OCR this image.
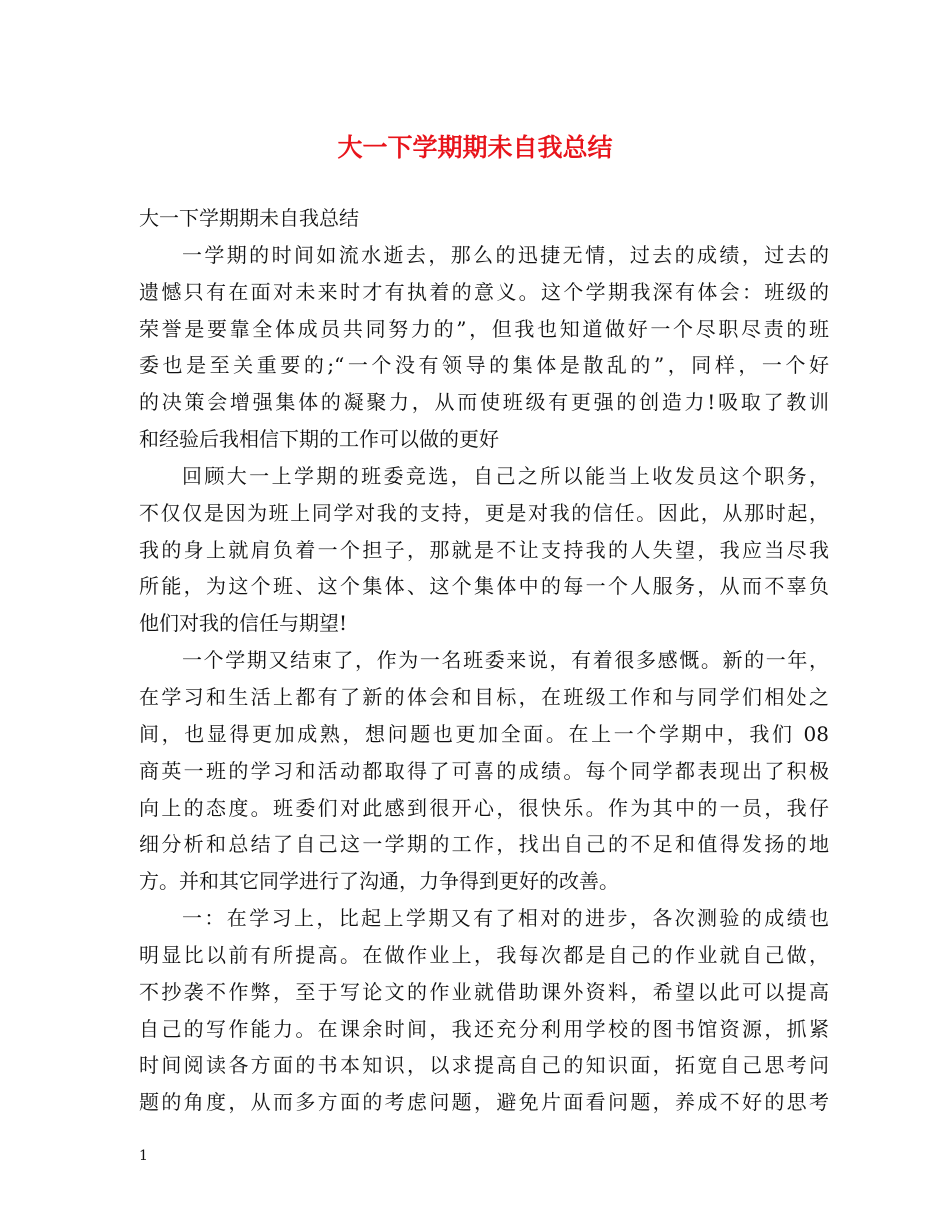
大一下学期期未自我总结
大一下学期期未自我总结
一学期的时间如流水逝去，那么的迅捷无情，过去的成绩，过去的
遗憾只有在面对未来时才有执着的意义。这个学期我深有体会：班级的
荣誉是要靠全体成员共同努力的”，但我也知道做好一个尽职尽责的班
委也是至关重要的;“一个没有领导的集体是散乱的”，同样，一个好
的决策会增强集体的凝聚力，从而使班级有更强的创造力!吸取了教训
和经验后我相信下期的工作可以做的更好
回顾大一上学期的班委竞选，自己之所以能当上收发员这个职务，
不仅仅是因为班上同学对我的支持，更是对我的信任。因此，从那时起，
我的身上就肩负着一个担子，那就是不让支持我的人失望，我应当尽我
所能，为这个班、这个集体、这个集体中的每一个人服务，从而不辜负
他们对我的信任与期望!
一个学期又结束了，作为一名班委来说，有着很多感慨。新的一年，
在学习和生活上都有了新的体会和目标，在班级工作和与同学们相处之
间，也显得更加成熟，想问题也更加全面。在上一个学期中，我们 08
商英一班的学习和活动都取得了可喜的成绩。每个同学都表现出了积极
向上的态度。班委们对此感到很开心，很快乐。作为其中的一员，我仔
细分析和总结了自己这一学期的工作，找出自己的不足和值得发扬的地
方。并和其它同学进行了沟通，力争得到更好的改善。
一：在学习上，比起上学期又有了相对的进步，各次测验的成绩也
明显比以前有所提高。在做作业上，我每次都是自己的作业就自己做，
不抄袭不作弊，至于写论文的作业就借助课外资料，希望以此可以提高
自己的写作能力。在课余时间，我还充分利用学校的图书馆资源，抓紧
时间阅读各方面的书本知识，以求提高自己的知识面，拓宽自己思考问
题的角度，从而多方面的考虑问题，避免片面看问题，养成不好的思考
1
